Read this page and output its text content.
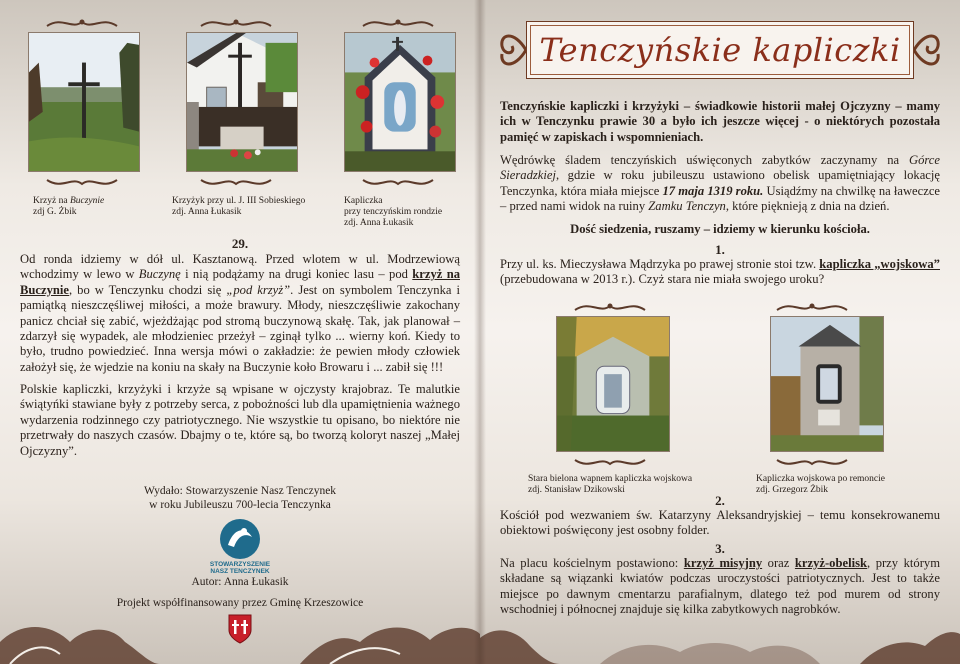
Krzyż na Buczynie
zdj G. Żbik
Krzyżyk przy ul. J. III Sobieskiego
zdj. Anna Łukasik
Kapliczka
przy tenczyńskim rondzie
zdj. Anna Łukasik
29.
Od ronda idziemy w dół ul. Kasztanową. Przed wlotem w ul. Modrzewiową wchodzimy w lewo w Buczynę i nią podążamy na drugi koniec lasu – pod krzyż na Buczynie, bo w Tenczynku chodzi się „pod krzyż”. Jest on symbolem Tenczynka i pamiątką nieszczęśliwej miłości, a może brawury. Młody, nieszczęśliwie zakochany panicz chciał się zabić, wjeżdżając pod stromą buczynową skałę. Tak, jak planował – zdarzył się wypadek, ale młodzieniec przeżył – zginął tylko ... wierny koń. Kiedy to było, trudno powiedzieć. Inna wersja mówi o zakładzie: że pewien młody człowiek założył się, że wjedzie na koniu na skały na Buczynie koło Browaru i ... zabił się !!!
Polskie kapliczki, krzyżyki i krzyże są wpisane w ojczysty krajobraz. Te malutkie świątyńki stawiane były z potrzeby serca, z pobożności lub dla upamiętnienia ważnego wydarzenia rodzinnego czy patriotycznego. Nie wszystkie tu opisano, bo niektóre nie przetrwały do naszych czasów. Dbajmy o te, które są, bo tworzą koloryt naszej „Małej Ojczyzny”.
Wydało: Stowarzyszenie Nasz Tenczynek
w roku Jubileuszu 700-lecia Tenczynka
STOWARZYSZENIE
NASZ TENCZYNEK
Autor: Anna Łukasik
Projekt współfinansowany przez Gminę Krzeszowice
Tenczyńskie kapliczki
Tenczyńskie kapliczki i krzyżyki – świadkowie historii małej Ojczyzny – mamy ich w Tenczynku prawie 30 a było ich jeszcze więcej - o niektórych pozostała pamięć w zapiskach i wspomnieniach.
Wędrówkę śladem tenczyńskich uświęconych zabytków zaczynamy na Górce Sieradzkiej, gdzie w roku jubileuszu ustawiono obelisk upamiętniający lokację Tenczynka, która miała miejsce 17 maja 1319 roku. Usiądźmy na chwilkę na ławeczce – przed nami widok na ruiny Zamku Tenczyn, które pięknieją z dnia na dzień.
Dość siedzenia, ruszamy – idziemy w kierunku kościoła.
1.
Przy ul. ks. Mieczysława Mądrzyka po prawej stronie stoi tzw. kapliczka „wojskowa” (przebudowana w 2013 r.). Czyż stara nie miała swojego uroku?
Stara bielona wapnem kapliczka wojskowa
zdj. Stanisław Dzikowski
Kapliczka wojskowa po remoncie
zdj. Grzegorz Żbik
2.
Kościół pod wezwaniem św. Katarzyny Aleksandryjskiej – temu konsekrowanemu obiektowi poświęcony jest osobny folder.
3.
Na placu kościelnym postawiono: krzyż misyjny oraz krzyż-obelisk, przy którym składane są wiązanki kwiatów podczas uroczystości patriotycznych. Jest to także miejsce po dawnym cmentarzu parafialnym, dlatego też pod murem od strony wschodniej i północnej znajduje się kilka zabytkowych nagrobków.
